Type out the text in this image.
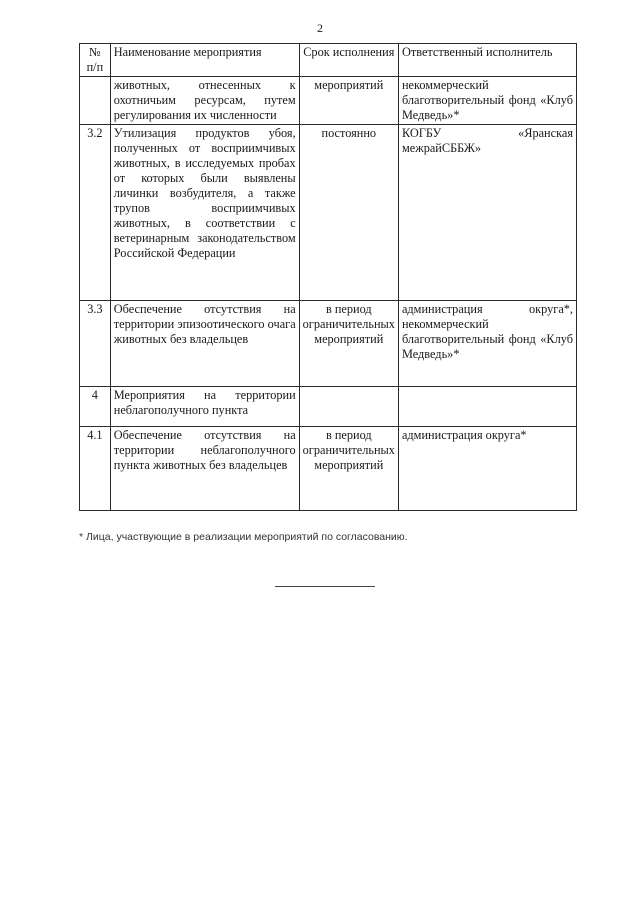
2
№ п/п	Наименование мероприятия	Срок исполнения	Ответственный исполнитель
	животных, отнесенных к охотничьим ресурсам, путем регулирования их численности	мероприятий	некоммерческий благотворительный фонд «Клуб Медведь»*
3.2	Утилизация продуктов убоя, полученных от восприимчивых животных, в исследуемых пробах от которых были выявлены личинки возбудителя, а также трупов восприимчивых животных, в соответствии с ветеринарным законодательством Российской Федерации	постоянно	КОГБУ «Яранская межрайСББЖ»
3.3	Обеспечение отсутствия на территории эпизоотического очага животных без владельцев	в период ограничительных мероприятий	администрация округа*, некоммерческий благотворительный фонд «Клуб Медведь»*
4	Мероприятия на территории неблагополучного пункта		
4.1	Обеспечение отсутствия на территории неблагополучного пункта животных без владельцев	в период ограничительных мероприятий	администрация округа*
* Лица, участвующие в реализации мероприятий по согласованию.
